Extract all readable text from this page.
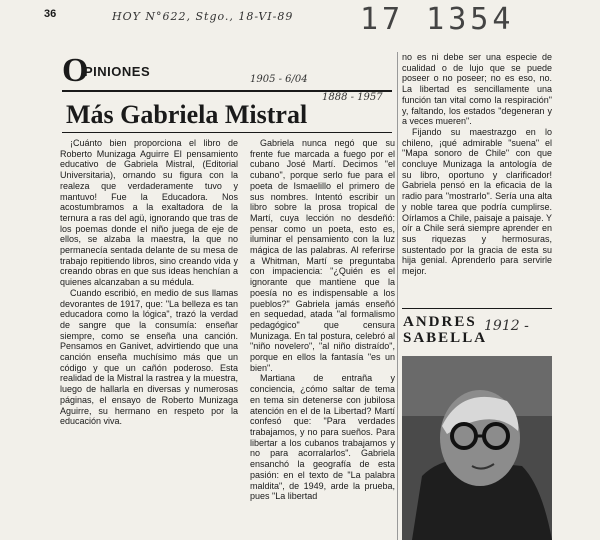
36	HOY N°622, Stgo., 18-VI-89 17 1354
O
PINIONES
1905 - 6/04
1888 - 1957
Más Gabriela Mistral

¡Cuánto bien proporciona el libro de Roberto Munizaga Aguirre El pensamiento educativo de Gabriela Mistral, (Editorial Universitaria), ornando su figura con la realeza que verdaderamente tuvo y mantuvo! Fue la Educadora. Nos acostumbramos a la exaltadora de la ternura a ras del agü, ignorando que tras de los poemas donde el niño juega de eje de ellos, se alzaba la maestra, la que no permanecía sentada delante de su mesa de trabajo repitiendo libros, sino creando vida y creando obras en que sus ideas henchían a quienes alcanzaban a su médula.

Cuando escribió, en medio de sus llamas devorantes de 1917, que: "La belleza es tan educadora como la lógica", trazó la verdad de sangre que la consumía: enseñar siempre, como se enseña una canción. Pensamos en Ganivet, advirtiendo que una canción enseña muchísimo más que un código y que un cañón poderoso. Esta realidad de la Mistral la rastrea y la muestra, luego de hallarla en diversas y numerosas páginas, el ensayo de Roberto Munizaga Aguirre, su hermano en respeto por la educación viva.

Gabriela nunca negó que su frente fue marcada a fuego por el cubano José Martí. Decimos "el cubano", porque serlo fue para el poeta de Ismaelillo el primero de sus nombres. Intentó escribir un libro sobre la prosa tropical de Martí, cuya lección no desdeñó: pensar como un poeta, esto es, iluminar el pensamiento con la luz mágica de las palabras. Al referirse a Whitman, Martí se preguntaba con impaciencia: "¿Quién es el ignorante que mantiene que la poesía no es indispensable a los pueblos?" Gabriela jamás enseñó en sequedad, atada "al formalismo pedagógico" que censura Munizaga. En tal postura, celebró al "niño novelero", "al niño distraído", porque en ellos la fantasía "es un bien".

Martiana de entraña y conciencia, ¿cómo saltar de tema en tema sin detenerse con jubilosa atención en el de la Libertad? Martí confesó que: "Para verdades trabajamos, y no para sueños. Para libertar a los cubanos trabajamos y no para acorralarlos". Gabriela ensanchó la geografía de esta pasión: en el texto de "La palabra maldita", de 1949, arde la prueba, pues "La libertad

no es ni debe ser una especie de cualidad o de lujo que se puede poseer o no poseer; no es eso, no. La libertad es sencillamente una función tan vital como la respiración" y, faltando, los estados "degeneran y a veces mueren".

Fijando su maestrazgo en lo chileno, ¡qué admirable "suena" el "Mapa sonoro de Chile" con que concluye Munizaga la antología de su libro, oportuno y clarificador! Gabriela pensó en la eficacia de la radio para "mostrarlo". Sería una alta y noble tarea que podría cumplirse. Oírlamos a Chile, paisaje a paisaje. Y oír a Chile será siempre aprender en sus riquezas y hermosuras, sustentado por la gracia de esta su hija genial. Aprenderlo para servirle mejor.

ANDRES
SABELLA
1912 -
